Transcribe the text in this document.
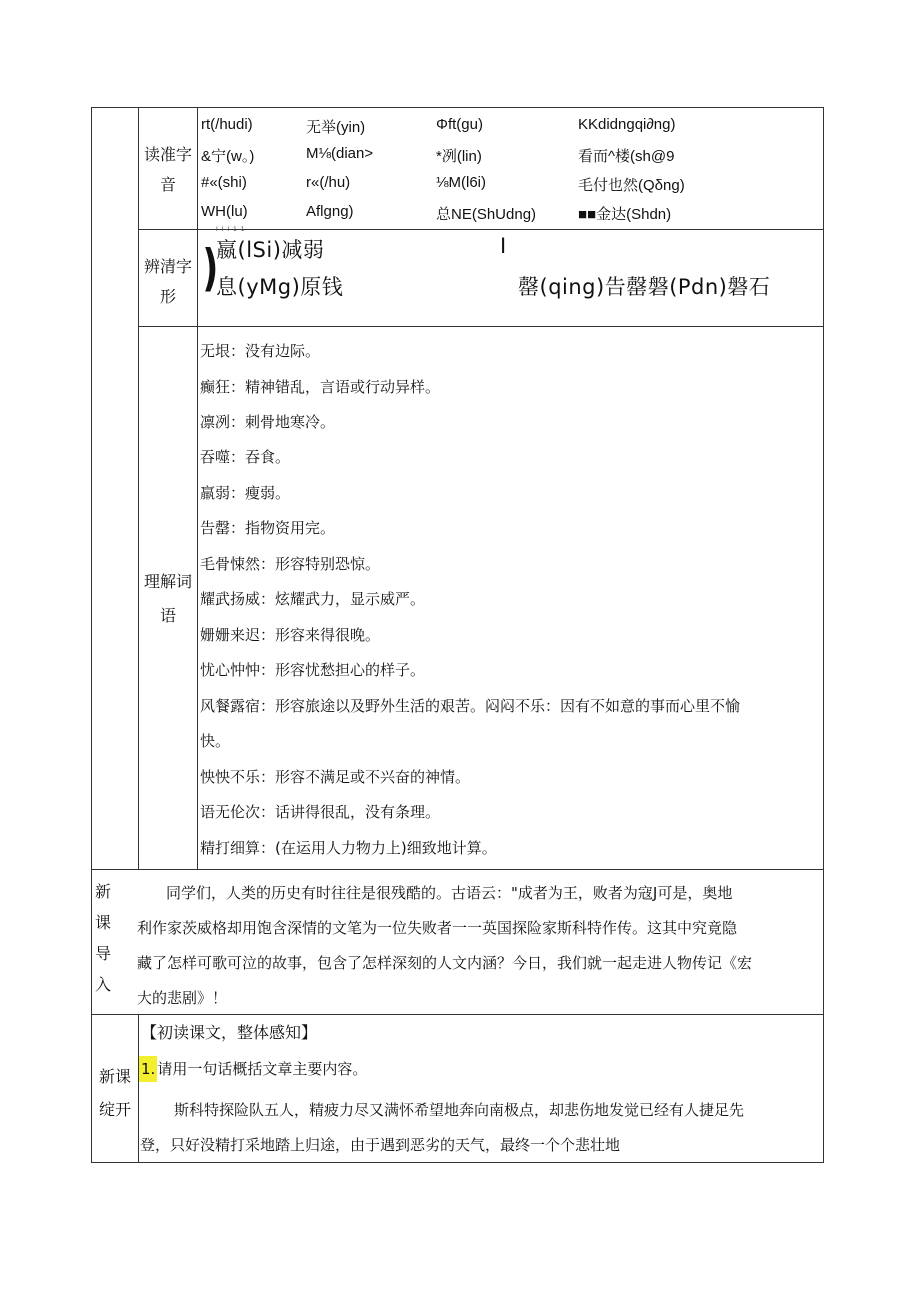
读准字音
rt(/hudi)	无举(yin)	Φft(gu)	KKdidngqi∂ng)
&宁(w。)	M⅛(dian>	*冽(lin)	看而^楼(sh@9
#«(shi)	r«(/hu)	⅛M(l6i)	毛付也然(Qδng)
WH(lu)	Aflgng)	总NE(ShUdng)	■■金达(Shdn)
辨清字形
I I I 1 1
)
嬴(lSi)减弱	I
息(yMg)原钱	罄(qing)告罄磐(Pdn)磐石
理解词语
无垠：没有边际。
癫狂：精神错乱，言语或行动异样。
凛冽：刺骨地寒冷。
吞噬：吞食。
羸弱：瘦弱。
告罄：指物资用完。
毛骨悚然：形容特别恐惊。
耀武扬威：炫耀武力，显示威严。
姗姗来迟：形容来得很晚。
忧心忡忡：形容忧愁担心的样子。
风餐露宿：形容旅途以及野外生活的艰苦。闷闷不乐：因有不如意的事而心里不愉
快。
怏怏不乐：形容不满足或不兴奋的神情。
语无伦次：话讲得很乱，没有条理。
精打细算：(在运用人力物力上)细致地计算。
新课导入
同学们，人类的历史有时往往是很残酷的。古语云："成者为王，败者为寇J可是，奥地
利作家茨威格却用饱含深情的文笔为一位失败者一一英国探险家斯科特作传。这其中究竟隐
藏了怎样可歌可泣的故事，包含了怎样深刻的人文内涵？今日，我们就一起走进人物传记《宏
大的悲剧》！
新课绽开
【初读课文，整体感知】
1. 请用一句话概括文章主要内容。
斯科特探险队五人，精疲力尽又满怀希望地奔向南极点，却悲伤地发觉已经有人捷足先
登，只好没精打采地踏上归途，由于遇到恶劣的天气，最终一个个悲壮地
